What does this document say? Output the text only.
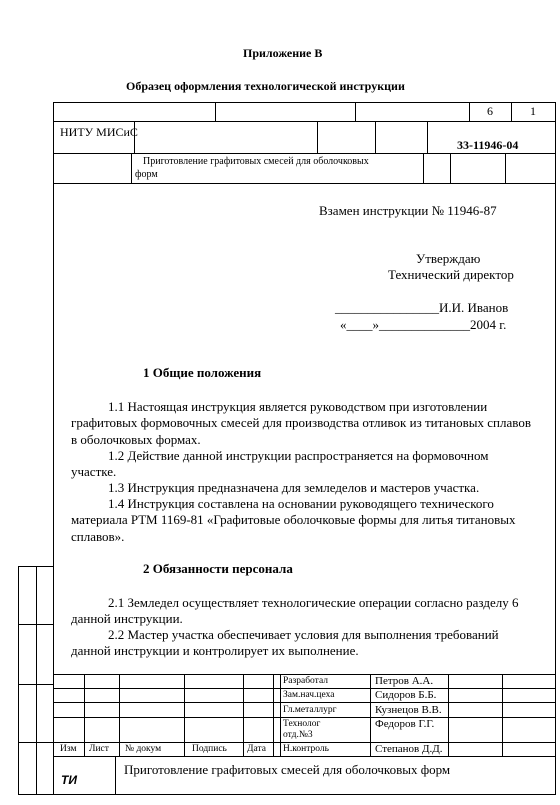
Приложение В
Образец оформления технологической инструкции
6	1
НИТУ МИСиС
33-11946-04
Приготовление графитовых смесей для оболочковых
форм
Взамен инструкции № 11946-87
Утверждаю
Технический директор
________________И.И. Иванов
«____»______________2004 г.
1 Общие положения
1.1 Настоящая инструкция является руководством при изготовлении графитовых формовочных смесей для производства отливок из титановых сплавов в оболочковых формах.
1.2 Действие данной инструкции распространяется на формовочном участке.
1.3 Инструкция предназначена для земледелов и мастеров участка.
1.4 Инструкция составлена на основании руководящего технического материала РТМ 1169-81 «Графитовые оболочковые формы для литья титановых сплавов».
2 Обязанности персонала
2.1 Земледел осуществляет технологические операции согласно разделу 6 данной инструкции.
2.2 Мастер участка обеспечивает условия для выполнения требований данной инструкции и контролирует их выполнение.
Разработал
Зам.нач.цеха
Гл.металлург
Технолог отд.№3
Н.контроль
Петров А.А.
Сидоров Б.Б.
Кузнецов В.В.
Федоров Г.Г.
Степанов Д.Д.
Изм Лист № докум	Подпись Дата
ТИ
Приготовление графитовых смесей для оболочковых форм
